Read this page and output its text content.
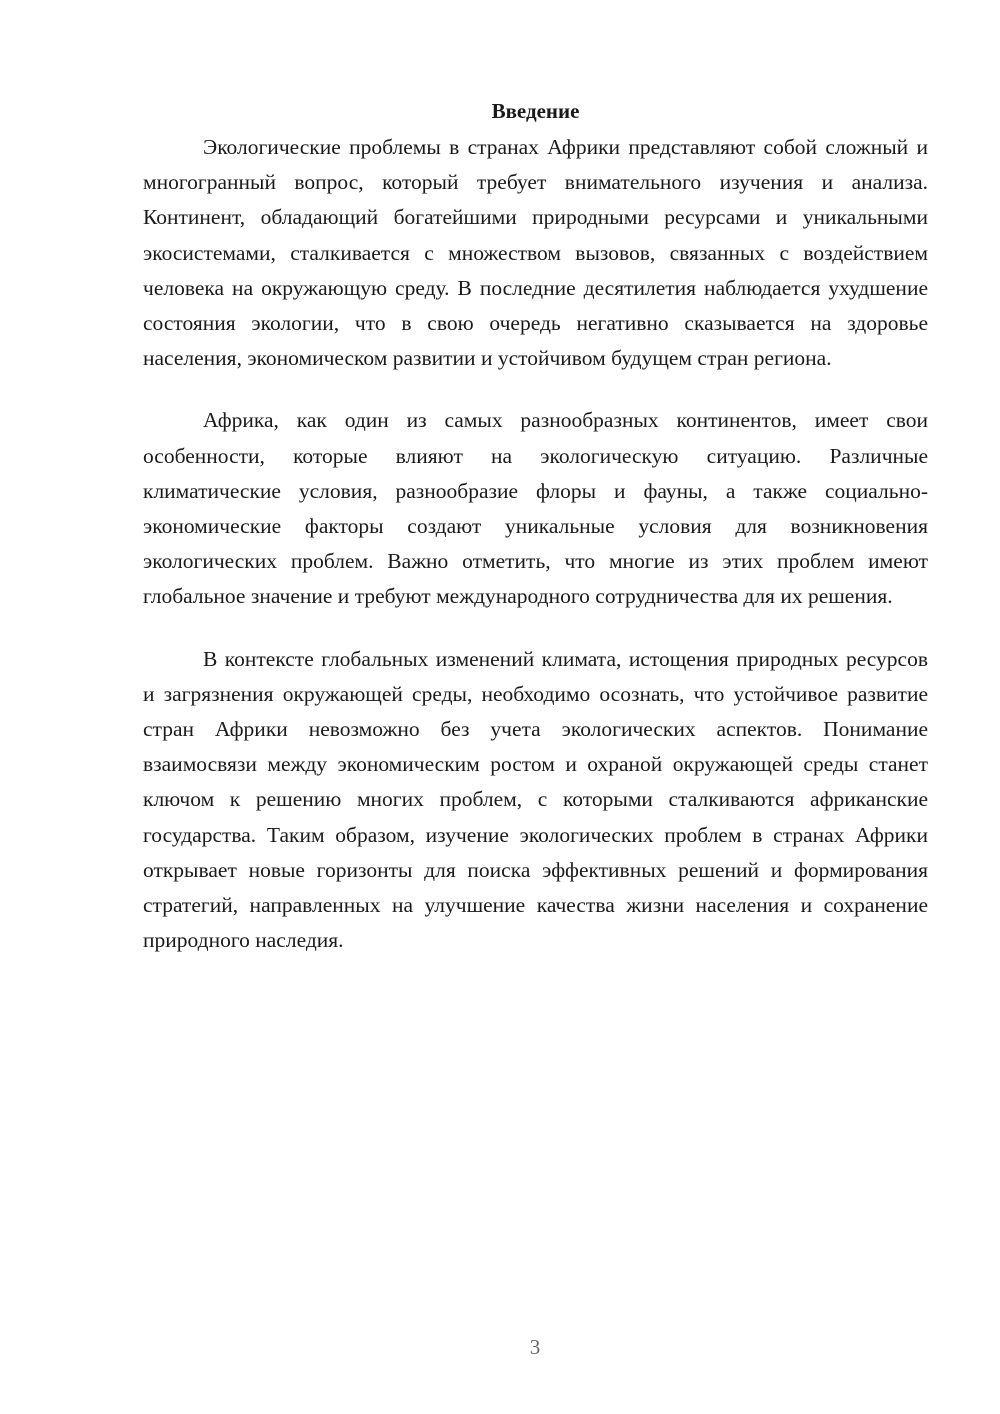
Введение

Экологические проблемы в странах Африки представляют собой сложный и многогранный вопрос, который требует внимательного изучения и анализа. Континент, обладающий богатейшими природными ресурсами и уникальными экосистемами, сталкивается с множеством вызовов, связанных с воздействием человека на окружающую среду. В последние десятилетия наблюдается ухудшение состояния экологии, что в свою очередь негативно сказывается на здоровье населения, экономическом развитии и устойчивом будущем стран региона.

Африка, как один из самых разнообразных континентов, имеет свои особенности, которые влияют на экологическую ситуацию. Различные климатические условия, разнообразие флоры и фауны, а также социально-экономические факторы создают уникальные условия для возникновения экологических проблем. Важно отметить, что многие из этих проблем имеют глобальное значение и требуют международного сотрудничества для их решения.

В контексте глобальных изменений климата, истощения природных ресурсов и загрязнения окружающей среды, необходимо осознать, что устойчивое развитие стран Африки невозможно без учета экологических аспектов. Понимание взаимосвязи между экономическим ростом и охраной окружающей среды станет ключом к решению многих проблем, с которыми сталкиваются африканские государства. Таким образом, изучение экологических проблем в странах Африки открывает новые горизонты для поиска эффективных решений и формирования стратегий, направленных на улучшение качества жизни населения и сохранение природного наследия.

3
